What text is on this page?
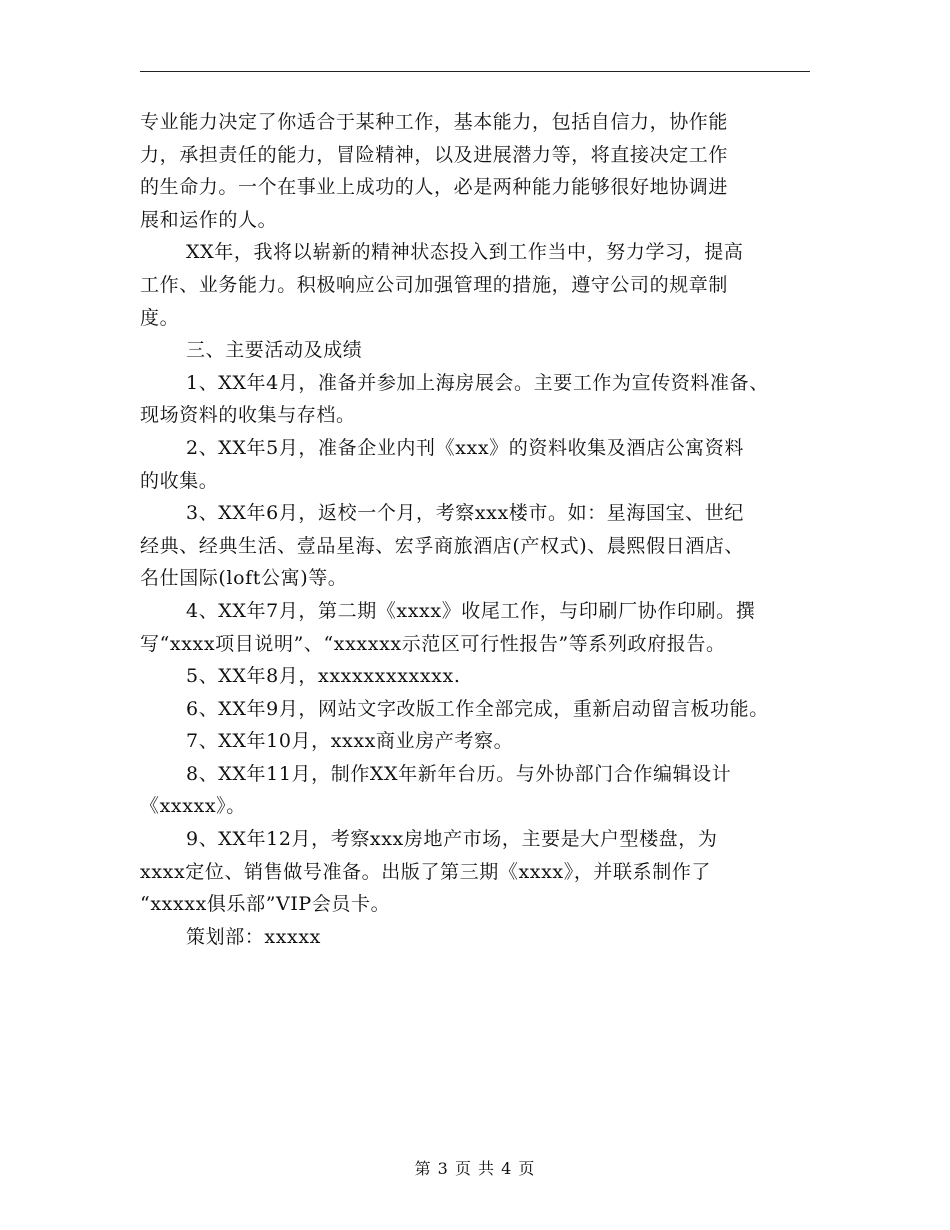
专业能力决定了你适合于某种工作，基本能力，包括自信力，协作能
力，承担责任的能力，冒险精神，以及进展潜力等，将直接决定工作
的生命力。一个在事业上成功的人，必是两种能力能够很好地协调进
展和运作的人。
XX年，我将以崭新的精神状态投入到工作当中，努力学习，提高
工作、业务能力。积极响应公司加强管理的措施，遵守公司的规章制
度。
三、主要活动及成绩
1、XX年4月，准备并参加上海房展会。主要工作为宣传资料准备、
现场资料的收集与存档。
2、XX年5月，准备企业内刊《xxx》的资料收集及酒店公寓资料
的收集。
3、XX年6月，返校一个月，考察xxx楼市。如：星海国宝、世纪
经典、经典生活、壹品星海、宏孚商旅酒店(产权式)、晨熙假日酒店、
名仕国际(loft公寓)等。
4、XX年7月，第二期《xxxx》收尾工作，与印刷厂协作印刷。撰
写“xxxx项目说明”、“xxxxxx示范区可行性报告”等系列政府报告。
5、XX年8月，xxxxxxxxxxxx.
6、XX年9月，网站文字改版工作全部完成，重新启动留言板功能。
7、XX年10月，xxxx商业房产考察。
8、XX年11月，制作XX年新年台历。与外协部门合作编辑设计
《xxxxx》。
9、XX年12月，考察xxx房地产市场，主要是大户型楼盘，为
xxxx定位、销售做号准备。出版了第三期《xxxx》，并联系制作了
“xxxxx俱乐部”VIP会员卡。
策划部：xxxxx
第 3 页 共 4 页
